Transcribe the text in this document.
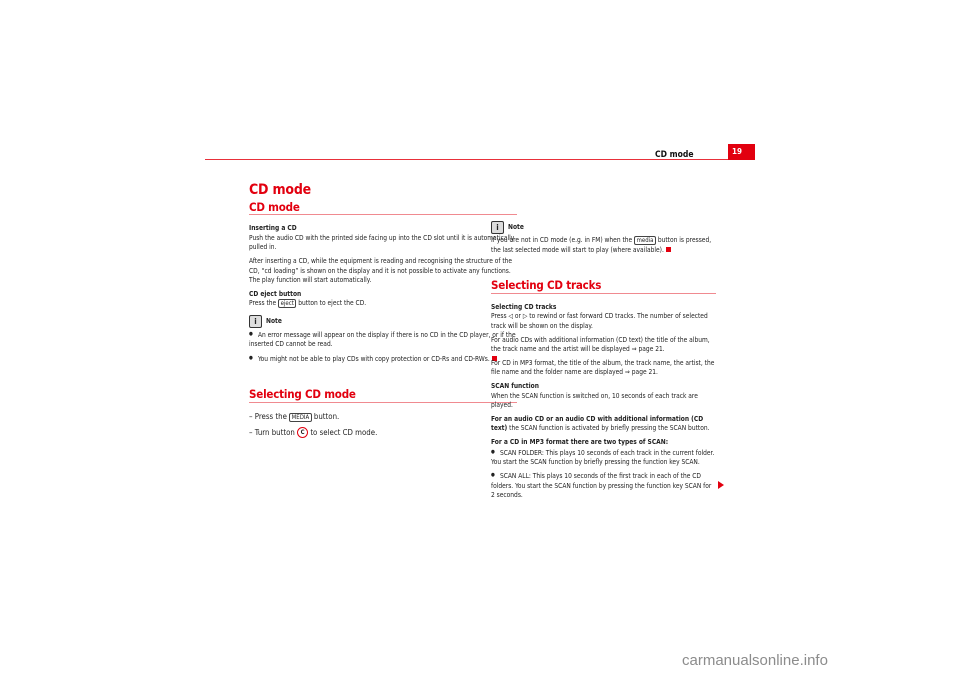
CD mode	19
CD mode
CD mode

Inserting a CD

Push the audio CD with the printed side facing up into the CD slot until it is automatically pulled in.

After inserting a CD, while the equipment is reading and recognising the structure of the CD, “cd loading” is shown on the display and it is not possible to activate any functions. The play function will start automatically.

CD eject button

Press the eject button to eject the CD.

i	Note

● An error message will appear on the display if there is no CD in the CD player, or if the inserted CD cannot be read.

● You might not be able to play CDs with copy protection or CD-Rs and CD-RWs.

Selecting CD mode

– Press the MEDIA button.

– Turn button C to select CD mode.

i	Note

If you are not in CD mode (e.g. in FM) when the media button is pressed, the last selected mode will start to play (where available).

Selecting CD tracks

Selecting CD tracks

Press ◁ or ▷ to rewind or fast forward CD tracks. The number of selected track will be shown on the display.

For audio CDs with additional information (CD text) the title of the album, the track name and the artist will be displayed ⇒ page 21.

For CD in MP3 format, the title of the album, the track name, the artist, the file name and the folder name are displayed ⇒ page 21.

SCAN function

When the SCAN function is switched on, 10 seconds of each track are played.

For an audio CD or an audio CD with additional information (CD text) the SCAN function is activated by briefly pressing the SCAN button.

For a CD in MP3 format there are two types of SCAN:

● SCAN FOLDER: This plays 10 seconds of each track in the current folder. You start the SCAN function by briefly pressing the function key SCAN.

● SCAN ALL: This plays 10 seconds of the first track in each of the CD folders. You start the SCAN function by pressing the function key SCAN for 2 seconds.

carmanualsonline.info
